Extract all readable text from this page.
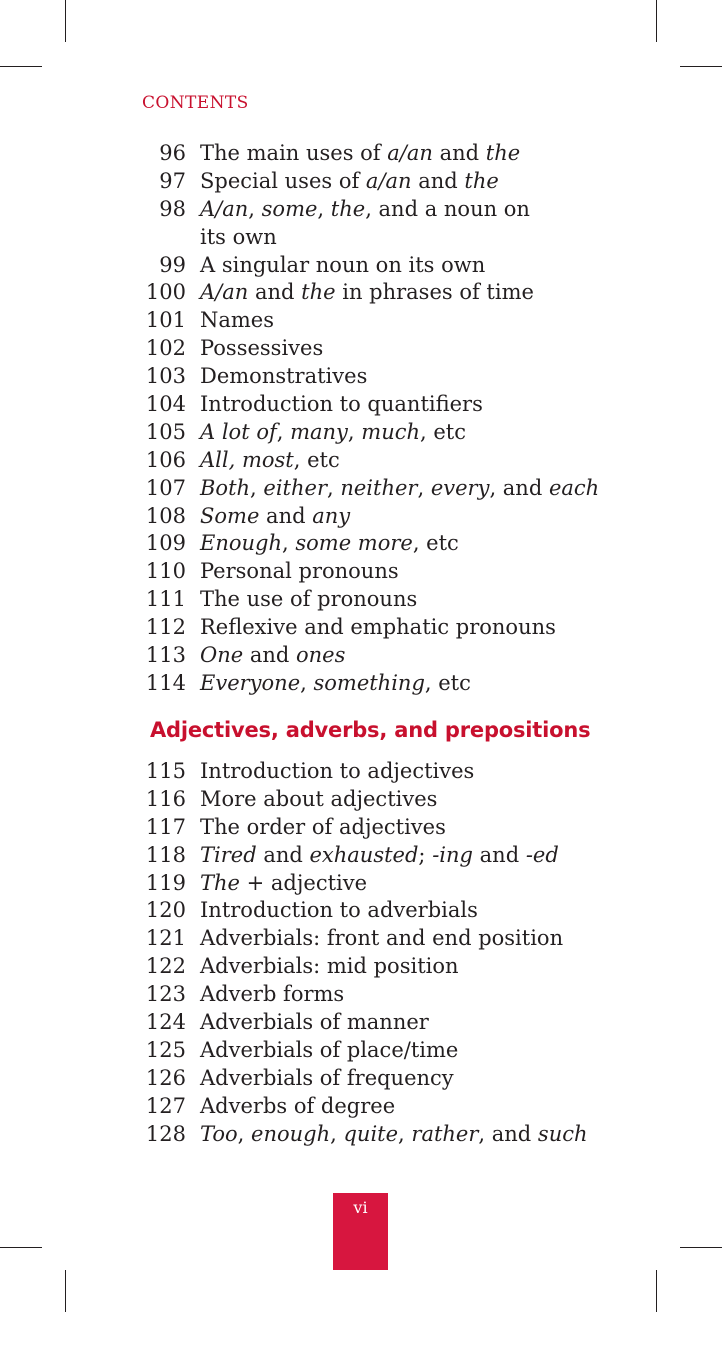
CONTENTS
96 The main uses of a/an and the
97 Special uses of a/an and the
98 A/an, some, the, and a noun on its own
99 A singular noun on its own
100 A/an and the in phrases of time
101 Names
102 Possessives
103 Demonstratives
104 Introduction to quantifiers
105 A lot of, many, much, etc
106 All, most, etc
107 Both, either, neither, every, and each
108 Some and any
109 Enough, some more, etc
110 Personal pronouns
111 The use of pronouns
112 Reflexive and emphatic pronouns
113 One and ones
114 Everyone, something, etc
Adjectives, adverbs, and prepositions
115 Introduction to adjectives
116 More about adjectives
117 The order of adjectives
118 Tired and exhausted; -ing and -ed
119 The + adjective
120 Introduction to adverbials
121 Adverbials: front and end position
122 Adverbials: mid position
123 Adverb forms
124 Adverbials of manner
125 Adverbials of place/time
126 Adverbials of frequency
127 Adverbs of degree
128 Too, enough, quite, rather, and such
vi
